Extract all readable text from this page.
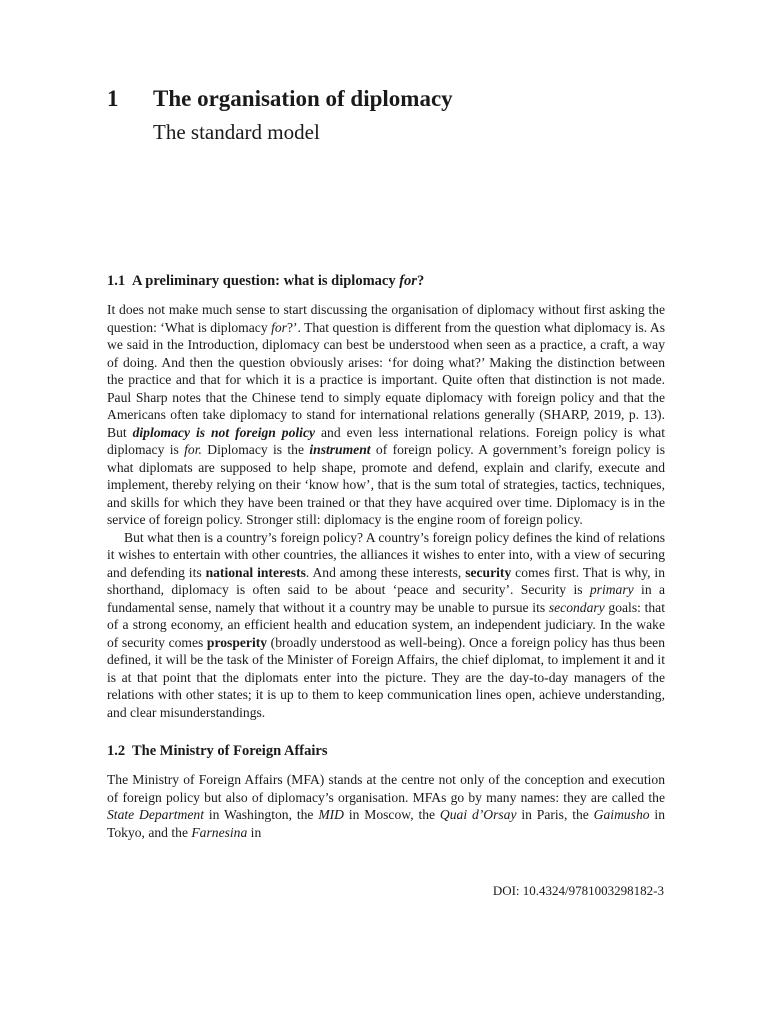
1	The organisation of diplomacy
The standard model
1.1 A preliminary question: what is diplomacy for?

It does not make much sense to start discussing the organisation of diplomacy without first asking the question: ‘What is diplomacy for?’. That question is different from the question what diplomacy is. As we said in the Introduction, diplomacy can best be understood when seen as a practice, a craft, a way of doing. And then the question obviously arises: ‘for doing what?’ Making the distinction between the practice and that for which it is a practice is important. Quite often that distinction is not made. Paul Sharp notes that the Chinese tend to simply equate diplomacy with foreign policy and that the Americans often take diplomacy to stand for international relations generally (SHARP, 2019, p. 13). But diplomacy is not foreign policy and even less international relations. Foreign policy is what diplomacy is for. Diplomacy is the instrument of foreign policy. A government’s foreign policy is what diplomats are supposed to help shape, promote and defend, explain and clarify, execute and implement, thereby relying on their ‘know how’, that is the sum total of strategies, tactics, techniques, and skills for which they have been trained or that they have acquired over time. Diplomacy is in the service of foreign policy. Stronger still: diplomacy is the engine room of foreign policy.

But what then is a country’s foreign policy? A country’s foreign policy defines the kind of relations it wishes to entertain with other countries, the alliances it wishes to enter into, with a view of securing and defending its national interests. And among these interests, security comes first. That is why, in shorthand, diplomacy is often said to be about ‘peace and security’. Security is primary in a fundamental sense, namely that without it a country may be unable to pursue its secondary goals: that of a strong economy, an efficient health and education system, an independent judiciary. In the wake of security comes prosperity (broadly understood as well-being). Once a foreign policy has thus been defined, it will be the task of the Minister of Foreign Affairs, the chief diplomat, to implement it and it is at that point that the diplomats enter into the picture. They are the day-to-day managers of the relations with other states; it is up to them to keep communication lines open, achieve understanding, and clear misunderstandings.

1.2 The Ministry of Foreign Affairs

The Ministry of Foreign Affairs (MFA) stands at the centre not only of the conception and execution of foreign policy but also of diplomacy’s organisation. MFAs go by many names: they are called the State Department in Washington, the MID in Moscow, the Quai d’Orsay in Paris, the Gaimusho in Tokyo, and the Farnesina in

DOI: 10.4324/9781003298182-3
